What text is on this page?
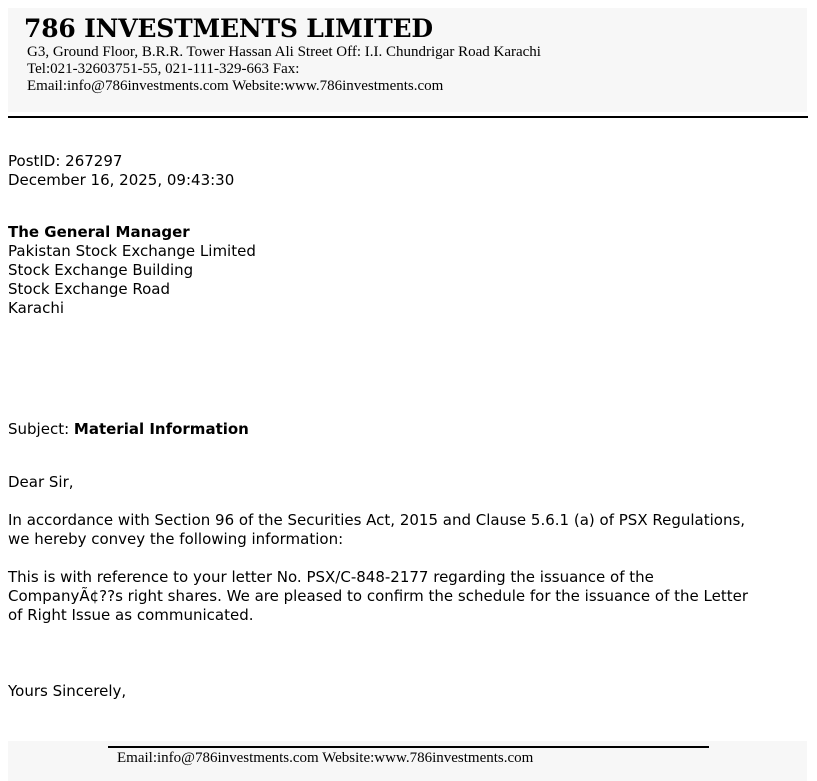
786 INVESTMENTS LIMITED
G3, Ground Floor, B.R.R. Tower Hassan Ali Street Off: I.I. Chundrigar Road Karachi
Tel:021-32603751-55, 021-111-329-663 Fax:
Email:info@786investments.com Website:www.786investments.com
PostID: 267297
December 16, 2025, 09:43:30
The General Manager
Pakistan Stock Exchange Limited
Stock Exchange Building
Stock Exchange Road
Karachi
Subject: Material Information
Dear Sir,
In accordance with Section 96 of the Securities Act, 2015 and Clause 5.6.1 (a) of PSX Regulations,
we hereby convey the following information:
This is with reference to your letter No. PSX/C-848-2177 regarding the issuance of the
CompanyÃ¢??s right shares. We are pleased to confirm the schedule for the issuance of the Letter
of Right Issue as communicated.
Yours Sincerely,
Email:info@786investments.com Website:www.786investments.com
